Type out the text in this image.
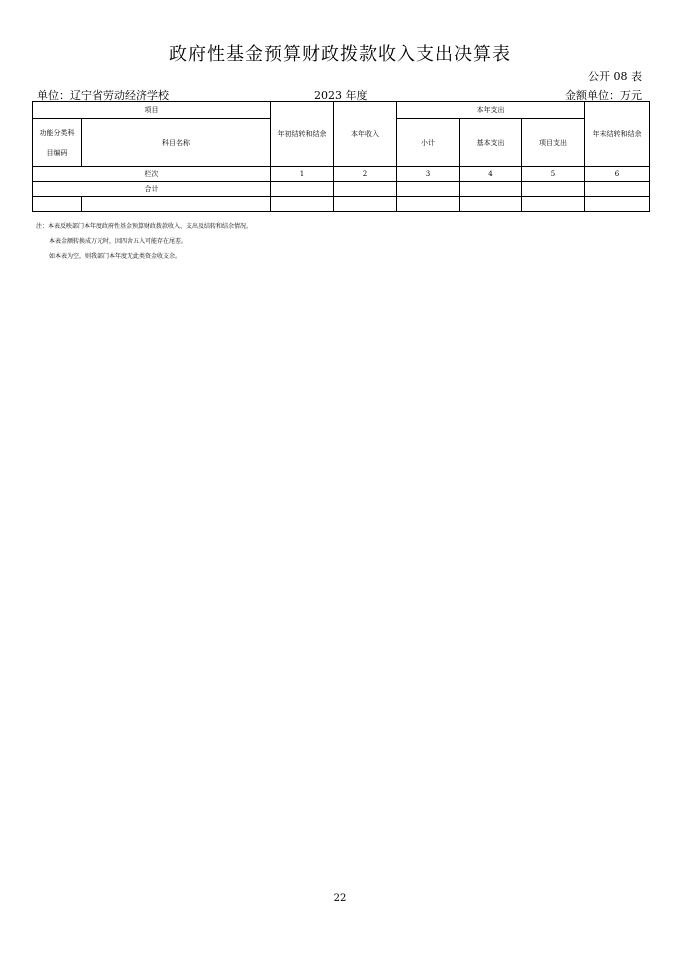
政府性基金预算财政拨款收入支出决算表
公开 08 表
单位：辽宁省劳动经济学校	2023 年度	金额单位：万元
项目		年初结转和结余	本年收入	本年支出			年末结转和结余

功能分类科目编码	科目名称			小计	基本支出	项目支出	
栏次		1	2	3	4	5	6
合计							

注：本表反映部门本年度政府性基金预算财政拨款收入、支出及结转和结余情况。
本表金额转换成万元时，因四舍五入可能存在尾差。
如本表为空，则我部门本年度无此类资金收支余。
22
